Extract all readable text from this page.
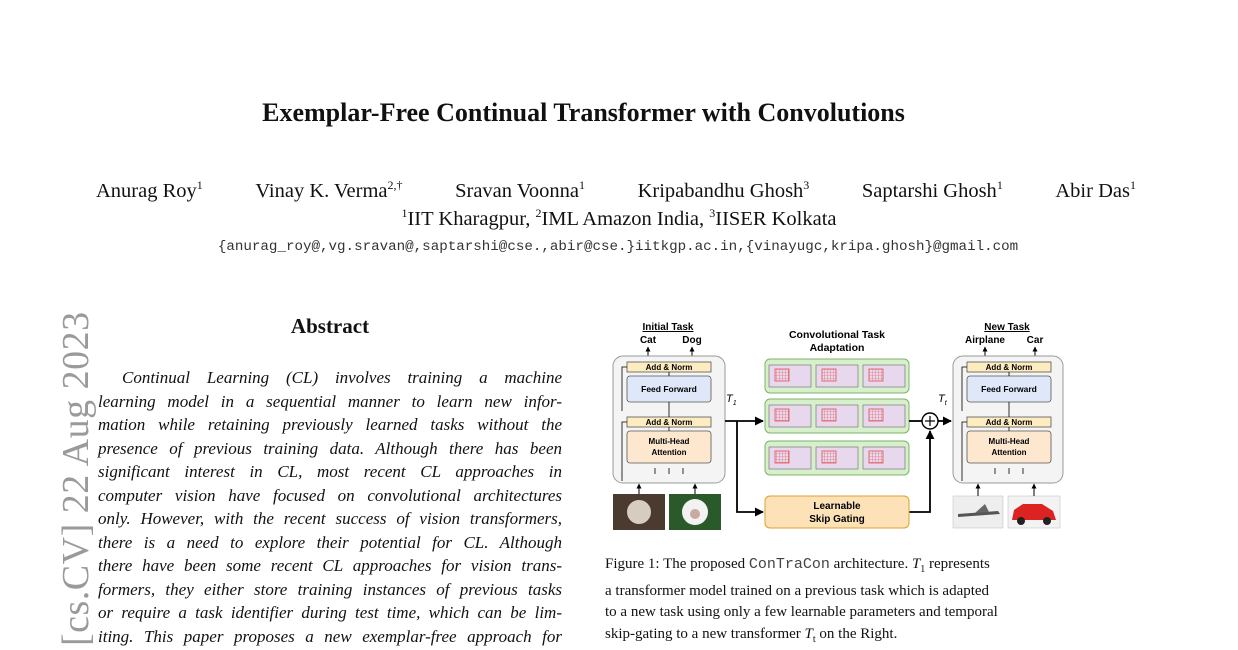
[cs.CV] 22 Aug 2023
Exemplar-Free Continual Transformer with Convolutions
Anurag Roy$^1$	Vinay K. Verma$^{2,\dagger}$	Sravan Voonna$^1$	Kripabandhu Ghosh$^3$	Saptarshi Ghosh$^1$	Abir Das$^1$
$^1$IIT Kharagpur, $^2$IML Amazon India, $^3$IISER Kolkata
{anurag_roy@,vg.sravan@,saptarshi@cse.,abir@cse.}iitkgp.ac.in,{vinayugc,kripa.ghosh}@gmail.com
Abstract
Continual Learning (CL) involves training a machine
learning model in a sequential manner to learn new infor-
mation while retaining previously learned tasks without the
presence of previous training data. Although there has been
significant interest in CL, most recent CL approaches in
computer vision have focused on convolutional architectures
only. However, with the recent success of vision transformers,
there is a need to explore their potential for CL. Although
there have been some recent CL approaches for vision trans-
formers, they either store training instances of previous tasks
or require a task identifier during test time, which can be lim-
iting. This paper proposes a new exemplar-free approach for
Initial Task
Cat	Dog
Add & Norm
Feed Forward
Add & Norm
Multi-Head
Attention
$T_1$
Convolutional Task
Adaptation
Learnable
Skip Gating
$T_t$
New Task
Airplane Car
Add & Norm
Feed Forward
Add & Norm
Multi-Head
Attention
Figure 1: The proposed ConTraCon architecture. $T_1$ represents
a transformer model trained on a previous task which is adapted
to a new task using only a few learnable parameters and temporal
skip-gating to a new transformer $T_t$ on the Right.
